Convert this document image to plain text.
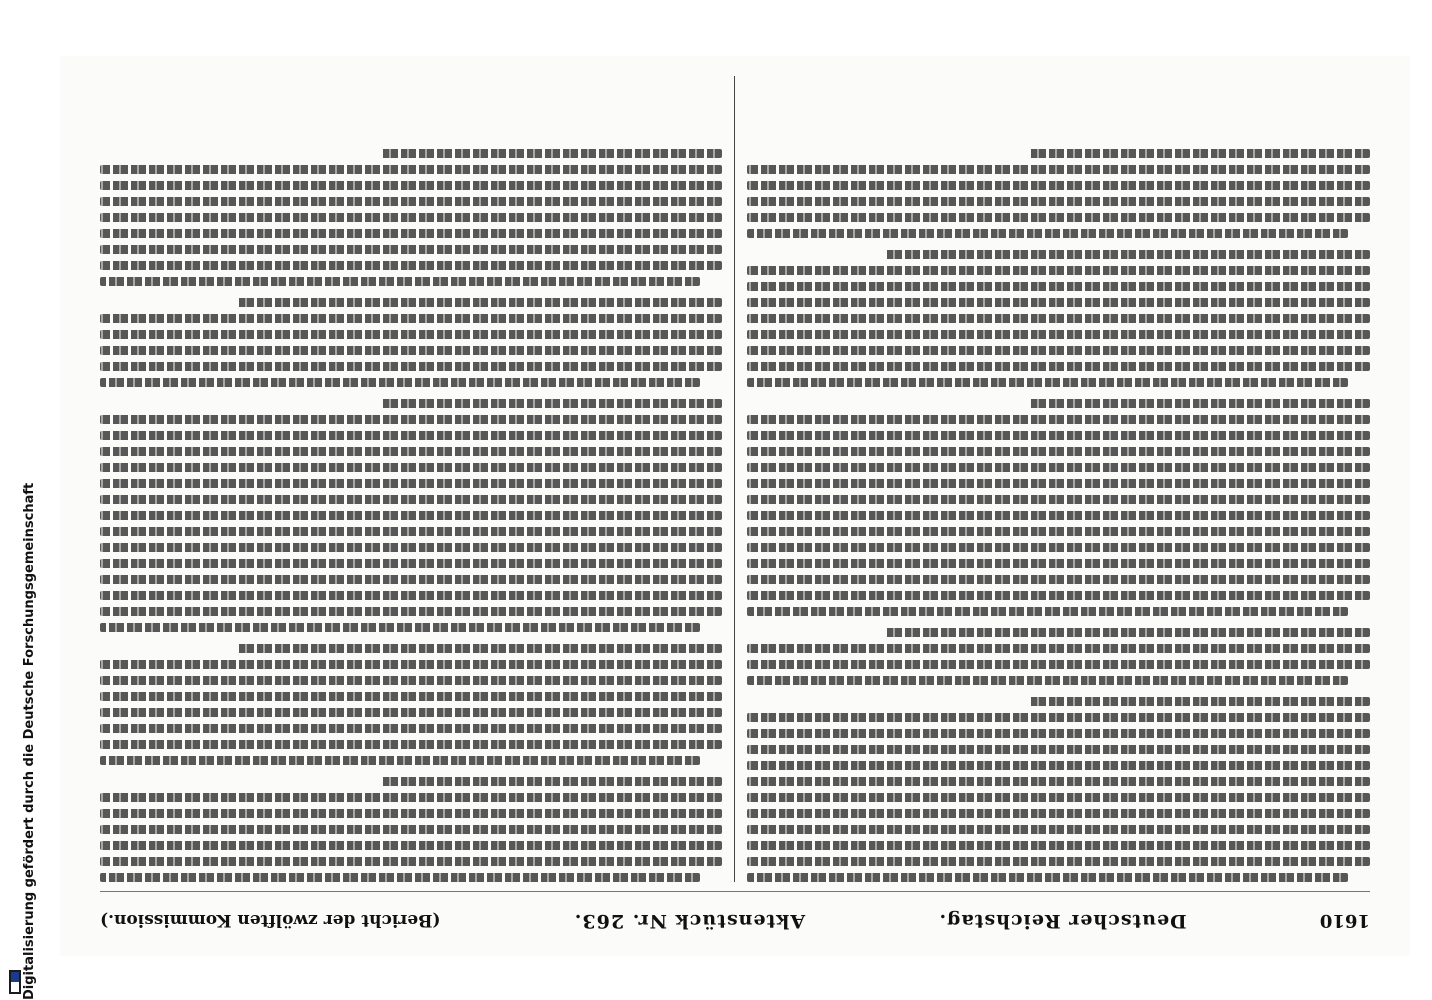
Digitalisierung gefördert durch die Deutsche Forschungsgemeinschaft	1610
Deutscher Reichstag.
Aktenstück Nr. 263.
(Bericht der zwölften Kommission.)
